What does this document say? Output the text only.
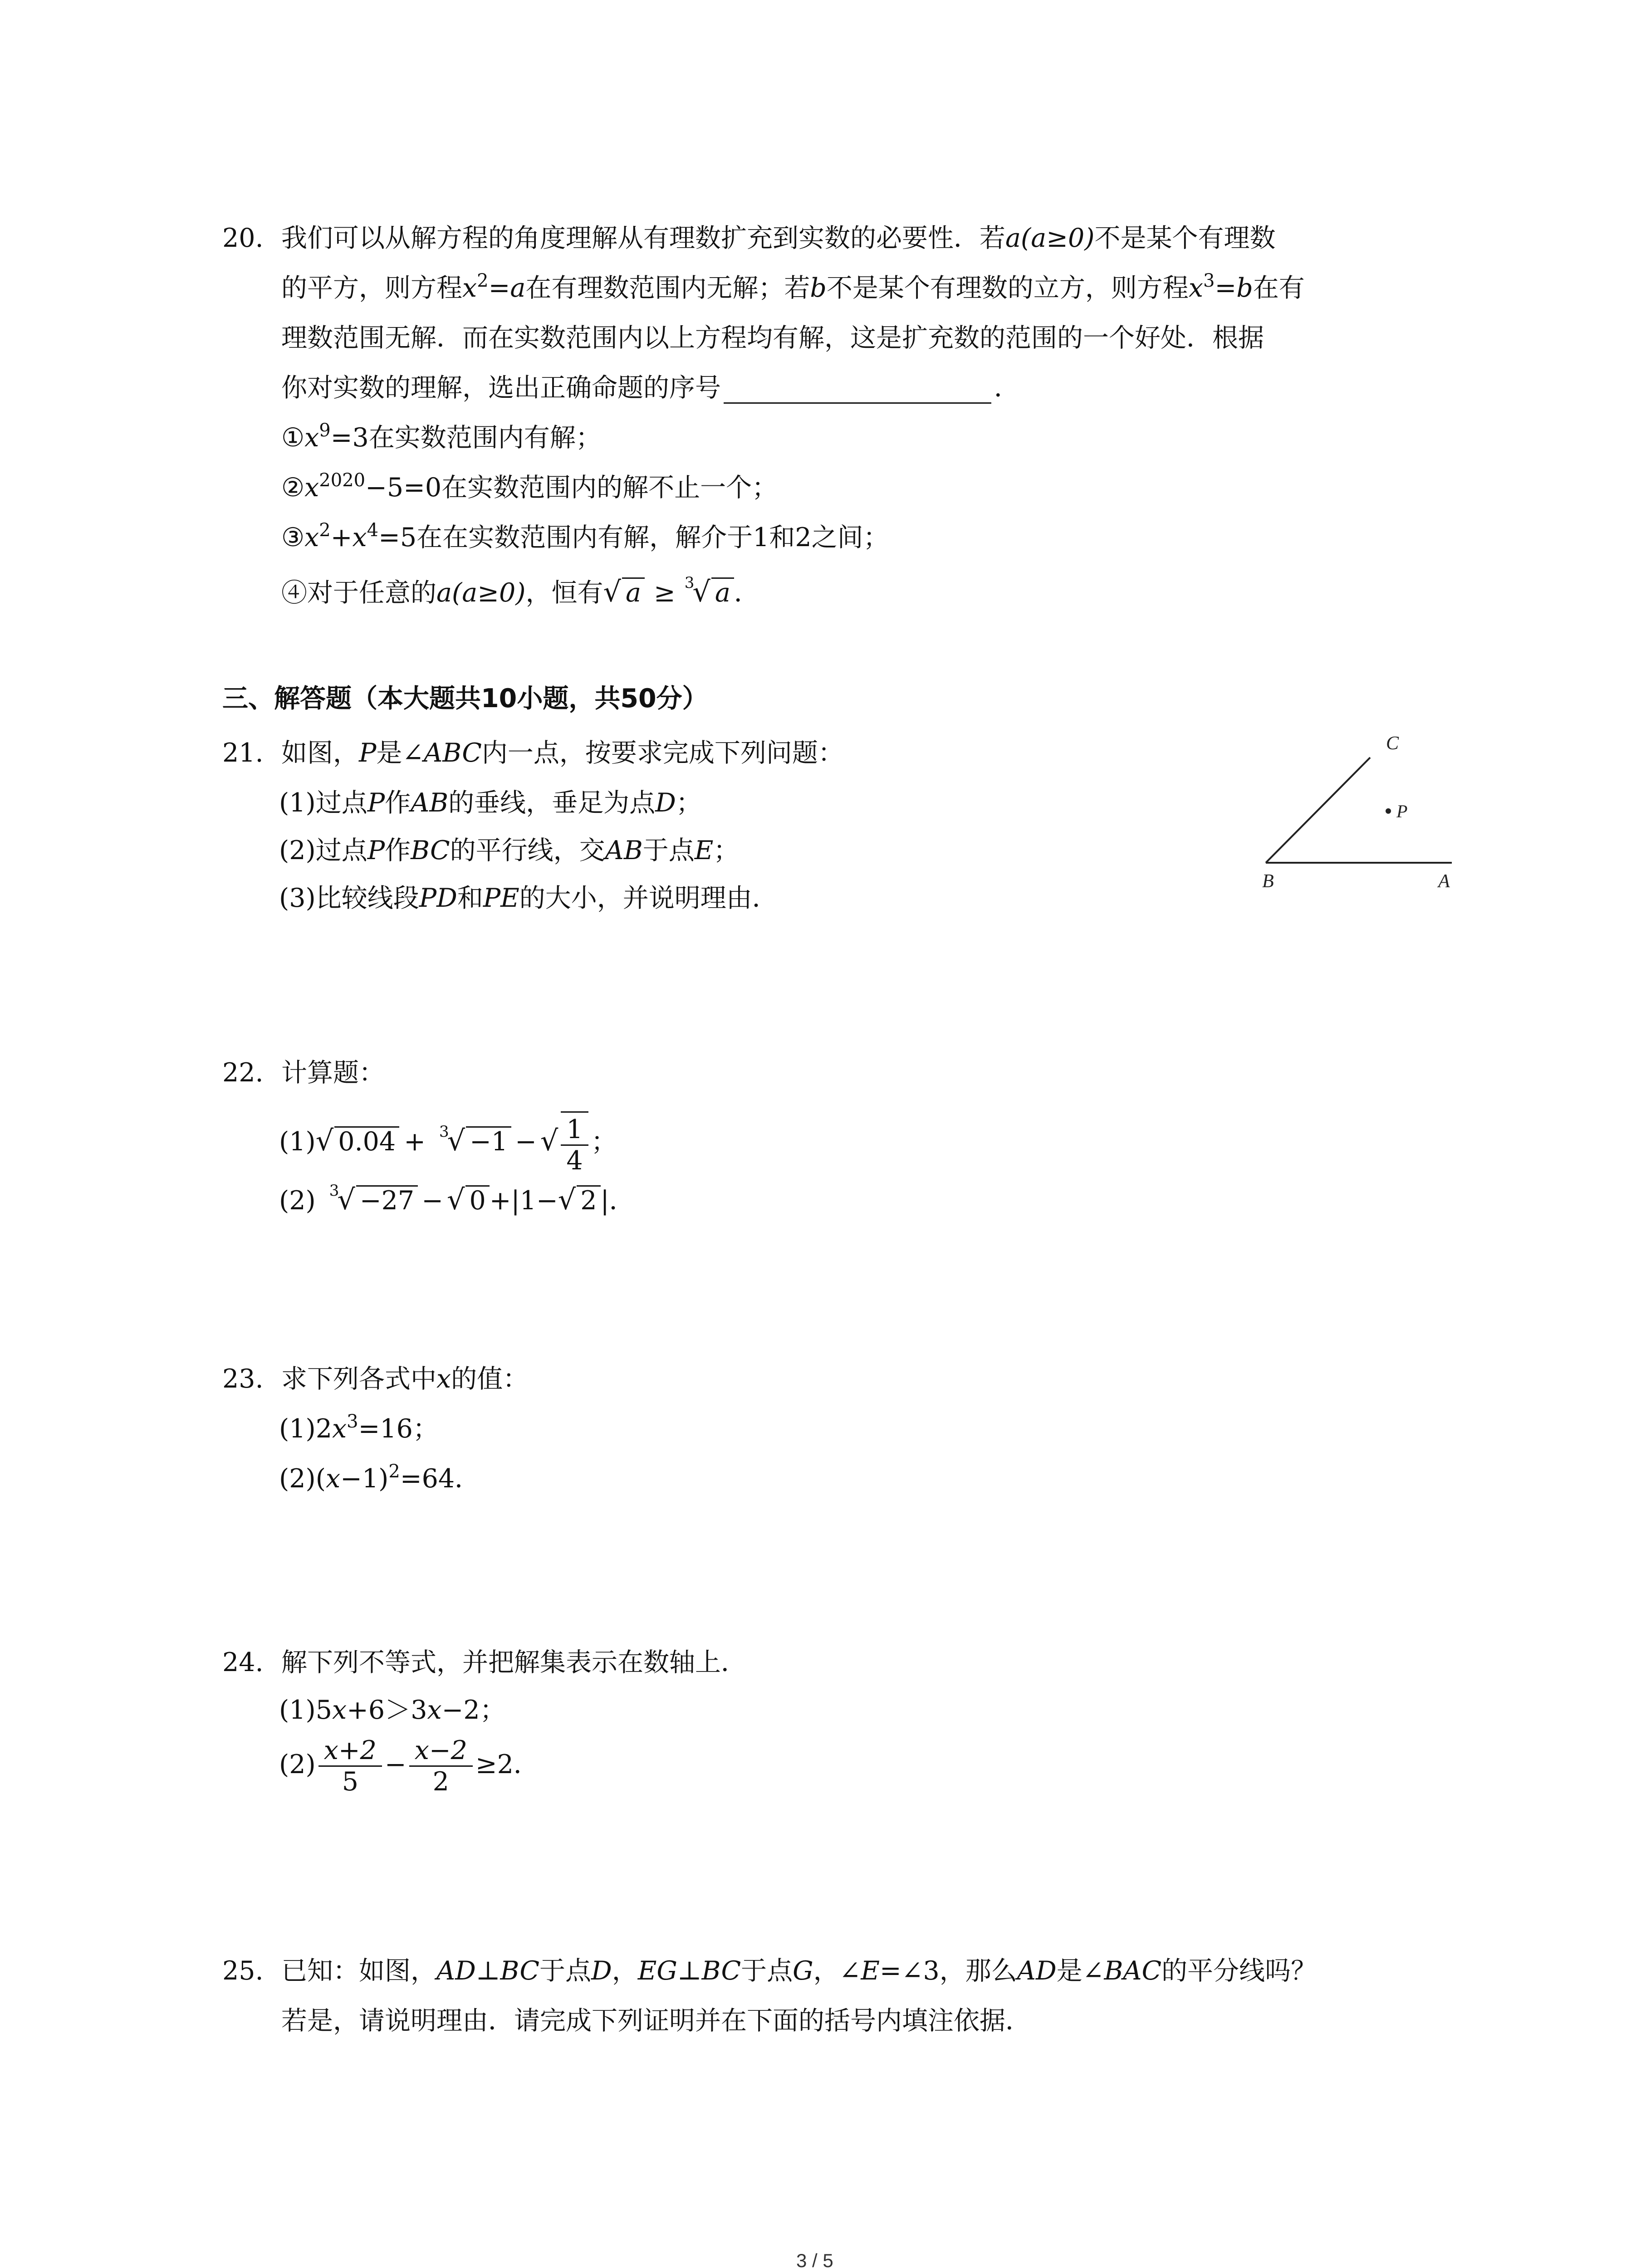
20. 我们可以从解方程的角度理解从有理数扩充到实数的必要性．若a(a≥0)不是某个有理数
的平方，则方程$x^2=a$在有理数范围内无解；若b不是某个有理数的立方，则方程$x^3=b$在有
理数范围无解．而在实数范围内以上方程均有解，这是扩充数的范围的一个好处．根据
你对实数的理解，选出正确命题的序号	．
$①x^9=3$在实数范围内有解；
$②x^{2020}-5=0$在实数范围内的解不止一个；
$③x^2+x^4=5$在在实数范围内有解，解介于1和2之间；
④对于任意的a(a≥0)，恒有√ a ≥ $^3$√ a ．
三、解答题（本大题共10小题，共50分）
21. 如图，P是∠ABC内一点，按要求完成下列问题：
(1)过点P作AB的垂线，垂足为点D；
(2)过点P作BC的平行线，交AB于点E；
(3)比较线段PD和PE的大小，并说明理由．
C
P
B	A
22. 计算题：
(1)√ 0.04 + $^3$√ −1 − √ $\frac{1}{4}$ ；
(2) $^3$√ −27 − √ 0 +|1−√ 2 |．
23. 求下列各式中x的值：
$(1)2x^3=16$；
$(2)(x-1)^2=64$．
24. 解下列不等式，并把解集表示在数轴上．
(1)5x+6＞3x−2；
$(2) \frac{x+2}{5} - \frac{x-2}{2} \ge 2$．
25. 已知：如图，AD⊥BC于点D，EG⊥BC于点G，∠E=∠3，那么AD是∠BAC的平分线吗？
若是，请说明理由．请完成下列证明并在下面的括号内填注依据．
3 / 5
